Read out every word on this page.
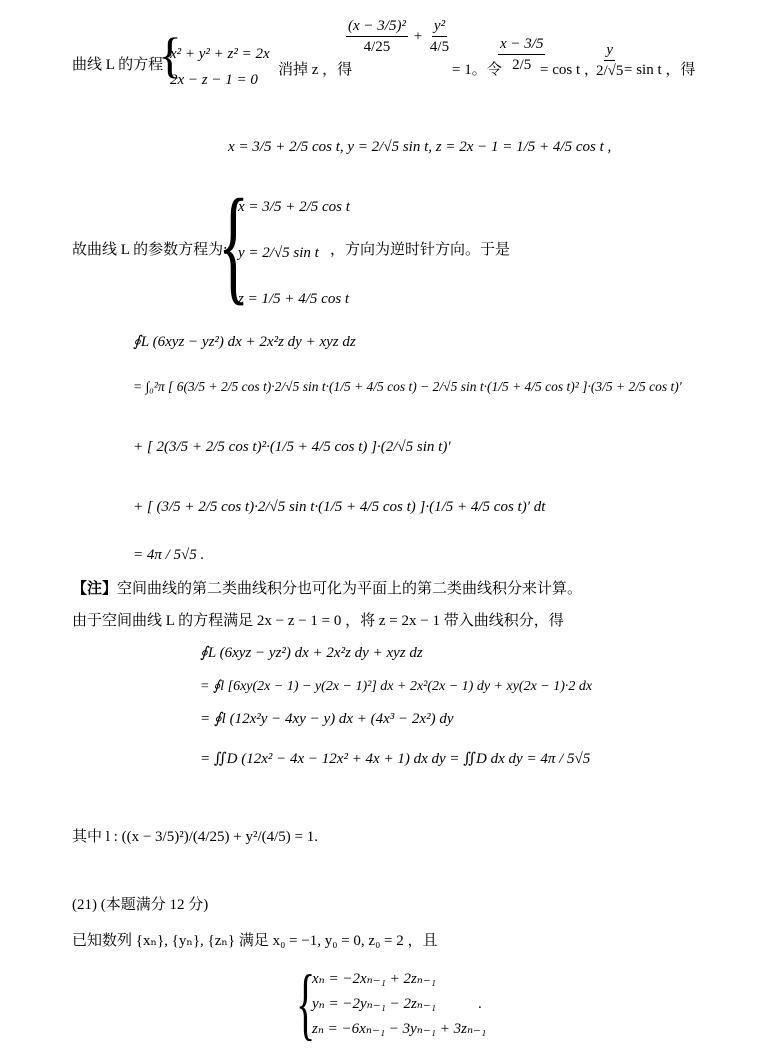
曲线 L 的方程
{
x² + y² + z² = 2x
2x − z − 1 = 0
消掉 z ，得
$\frac{\text{(x − 3/5)²}}{4/25} + \frac{\text{y²}}{4/5}$
= 1。令
$\frac{x - 3/5}{2/5}$
= cos t ，
$\frac{y}{2/√5}$
= sin t ，得
x = 3/5 + 2/5 cos t, y = 2/√5 sin t, z = 2x − 1 = 1/5 + 4/5 cos t ,
故曲线 L 的参数方程为:
{
x = 3/5 + 2/5 cos t
y = 2/√5 sin t
z = 1/5 + 4/5 cos t
，方向为逆时针方向。于是
∮L (6xyz − yz²) dx + 2x²z dy + xyz dz
= ∫₀²π [ 6(3/5 + 2/5 cos t)·2/√5 sin t·(1/5 + 4/5 cos t) − 2/√5 sin t·(1/5 + 4/5 cos t)² ]·(3/5 + 2/5 cos t)′
+ [ 2(3/5 + 2/5 cos t)²·(1/5 + 4/5 cos t) ]·(2/√5 sin t)′
+ [ (3/5 + 2/5 cos t)·2/√5 sin t·(1/5 + 4/5 cos t) ]·(1/5 + 4/5 cos t)′ dt
= 4π / 5√5 .
【注】空间曲线的第二类曲线积分也可化为平面上的第二类曲线积分来计算。
由于空间曲线 L 的方程满足 2x − z − 1 = 0 ，将 z = 2x − 1 带入曲线积分，得
∮L (6xyz − yz²) dx + 2x²z dy + xyz dz
= ∮l [6xy(2x − 1) − y(2x − 1)²] dx + 2x²(2x − 1) dy + xy(2x − 1)·2 dx
= ∮l (12x²y − 4xy − y) dx + (4x³ − 2x²) dy
= ∬D (12x² − 4x − 12x² + 4x + 1) dx dy = ∬D dx dy = 4π / 5√5
其中 l : ((x − 3/5)²)/(4/25) + y²/(4/5) = 1.
(21) (本题满分 12 分)
已知数列 {xₙ}, {yₙ}, {zₙ} 满足 x₀ = −1, y₀ = 0, z₀ = 2 ，且
{
xₙ = −2xₙ₋₁ + 2zₙ₋₁
yₙ = −2yₙ₋₁ − 2zₙ₋₁
zₙ = −6xₙ₋₁ − 3yₙ₋₁ + 3zₙ₋₁
.
